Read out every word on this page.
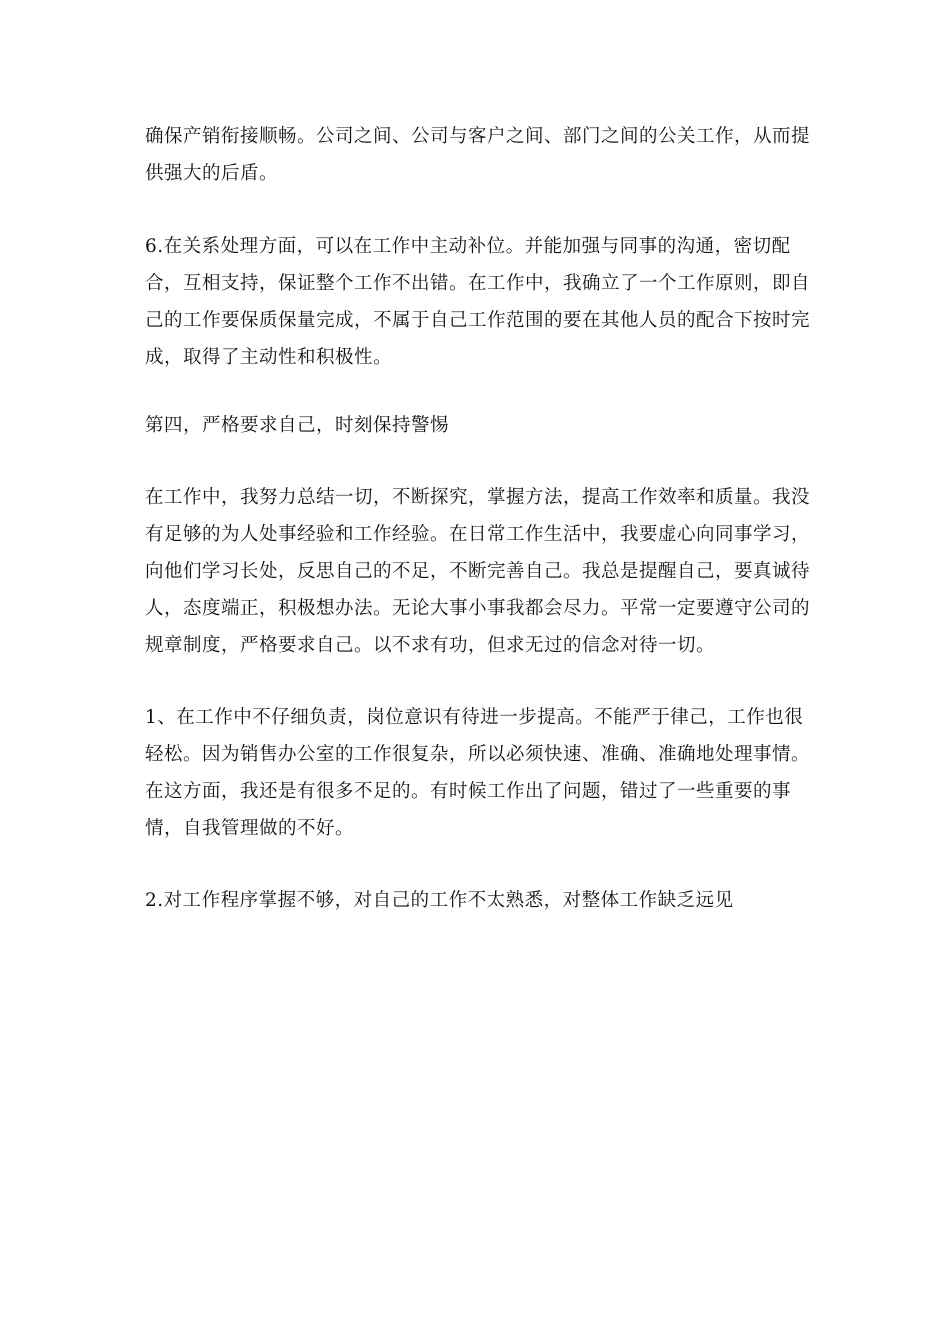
确保产销衔接顺畅。公司之间、公司与客户之间、部门之间的公关工作，从而提供强大的后盾。

6.在关系处理方面，可以在工作中主动补位。并能加强与同事的沟通，密切配合，互相支持，保证整个工作不出错。在工作中，我确立了一个工作原则，即自己的工作要保质保量完成，不属于自己工作范围的要在其他人员的配合下按时完成，取得了主动性和积极性。

第四，严格要求自己，时刻保持警惕

在工作中，我努力总结一切，不断探究，掌握方法，提高工作效率和质量。我没有足够的为人处事经验和工作经验。在日常工作生活中，我要虚心向同事学习，向他们学习长处，反思自己的不足，不断完善自己。我总是提醒自己，要真诚待人，态度端正，积极想办法。无论大事小事我都会尽力。平常一定要遵守公司的规章制度，严格要求自己。以不求有功，但求无过的信念对待一切。

1、在工作中不仔细负责，岗位意识有待进一步提高。不能严于律己，工作也很轻松。因为销售办公室的工作很复杂，所以必须快速、准确、准确地处理事情。在这方面，我还是有很多不足的。有时候工作出了问题，错过了一些重要的事情，自我管理做的不好。

2.对工作程序掌握不够，对自己的工作不太熟悉，对整体工作缺乏远见
